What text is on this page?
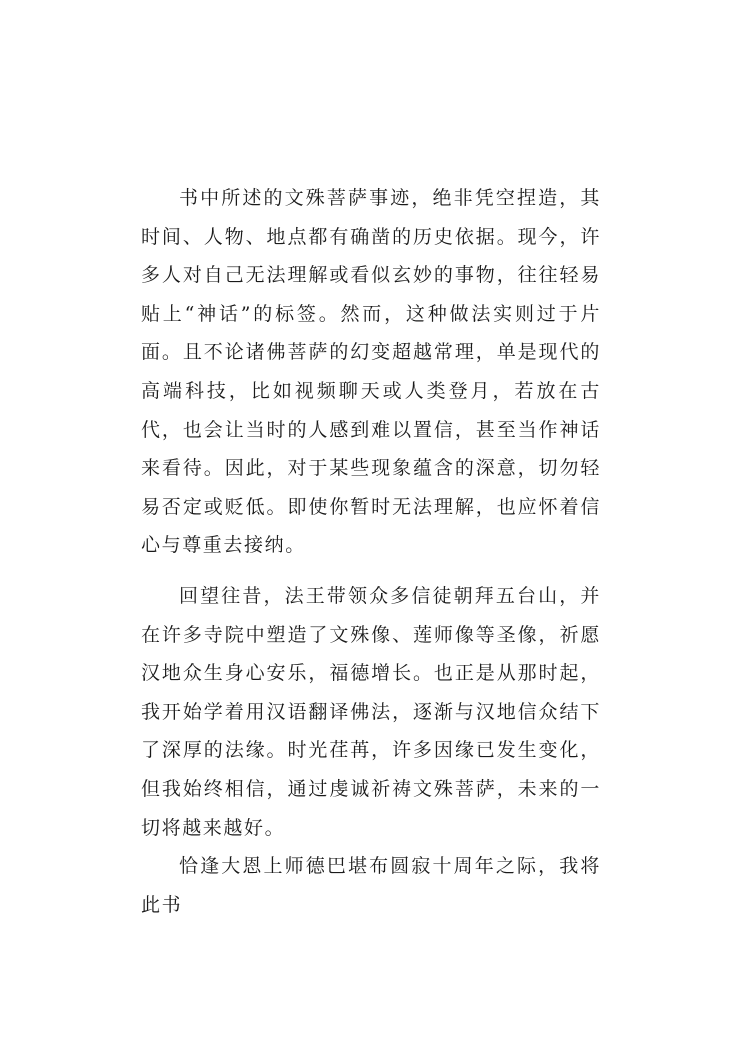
书中所述的文殊菩萨事迹，绝非凭空捏造，其时间、人物、地点都有确凿的历史依据。现今，许多人对自己无法理解或看似玄妙的事物，往往轻易贴上“神话”的标签。然而，这种做法实则过于片面。且不论诸佛菩萨的幻变超越常理，单是现代的高端科技，比如视频聊天或人类登月，若放在古代，也会让当时的人感到难以置信，甚至当作神话来看待。因此，对于某些现象蕴含的深意，切勿轻易否定或贬低。即使你暂时无法理解，也应怀着信心与尊重去接纳。

回望往昔，法王带领众多信徒朝拜五台山，并在许多寺院中塑造了文殊像、莲师像等圣像，祈愿汉地众生身心安乐，福德增长。也正是从那时起，我开始学着用汉语翻译佛法，逐渐与汉地信众结下了深厚的法缘。时光荏苒，许多因缘已发生变化，但我始终相信，通过虔诚祈祷文殊菩萨，未来的一切将越来越好。

恰逢大恩上师德巴堪布圆寂十周年之际，我将此书
